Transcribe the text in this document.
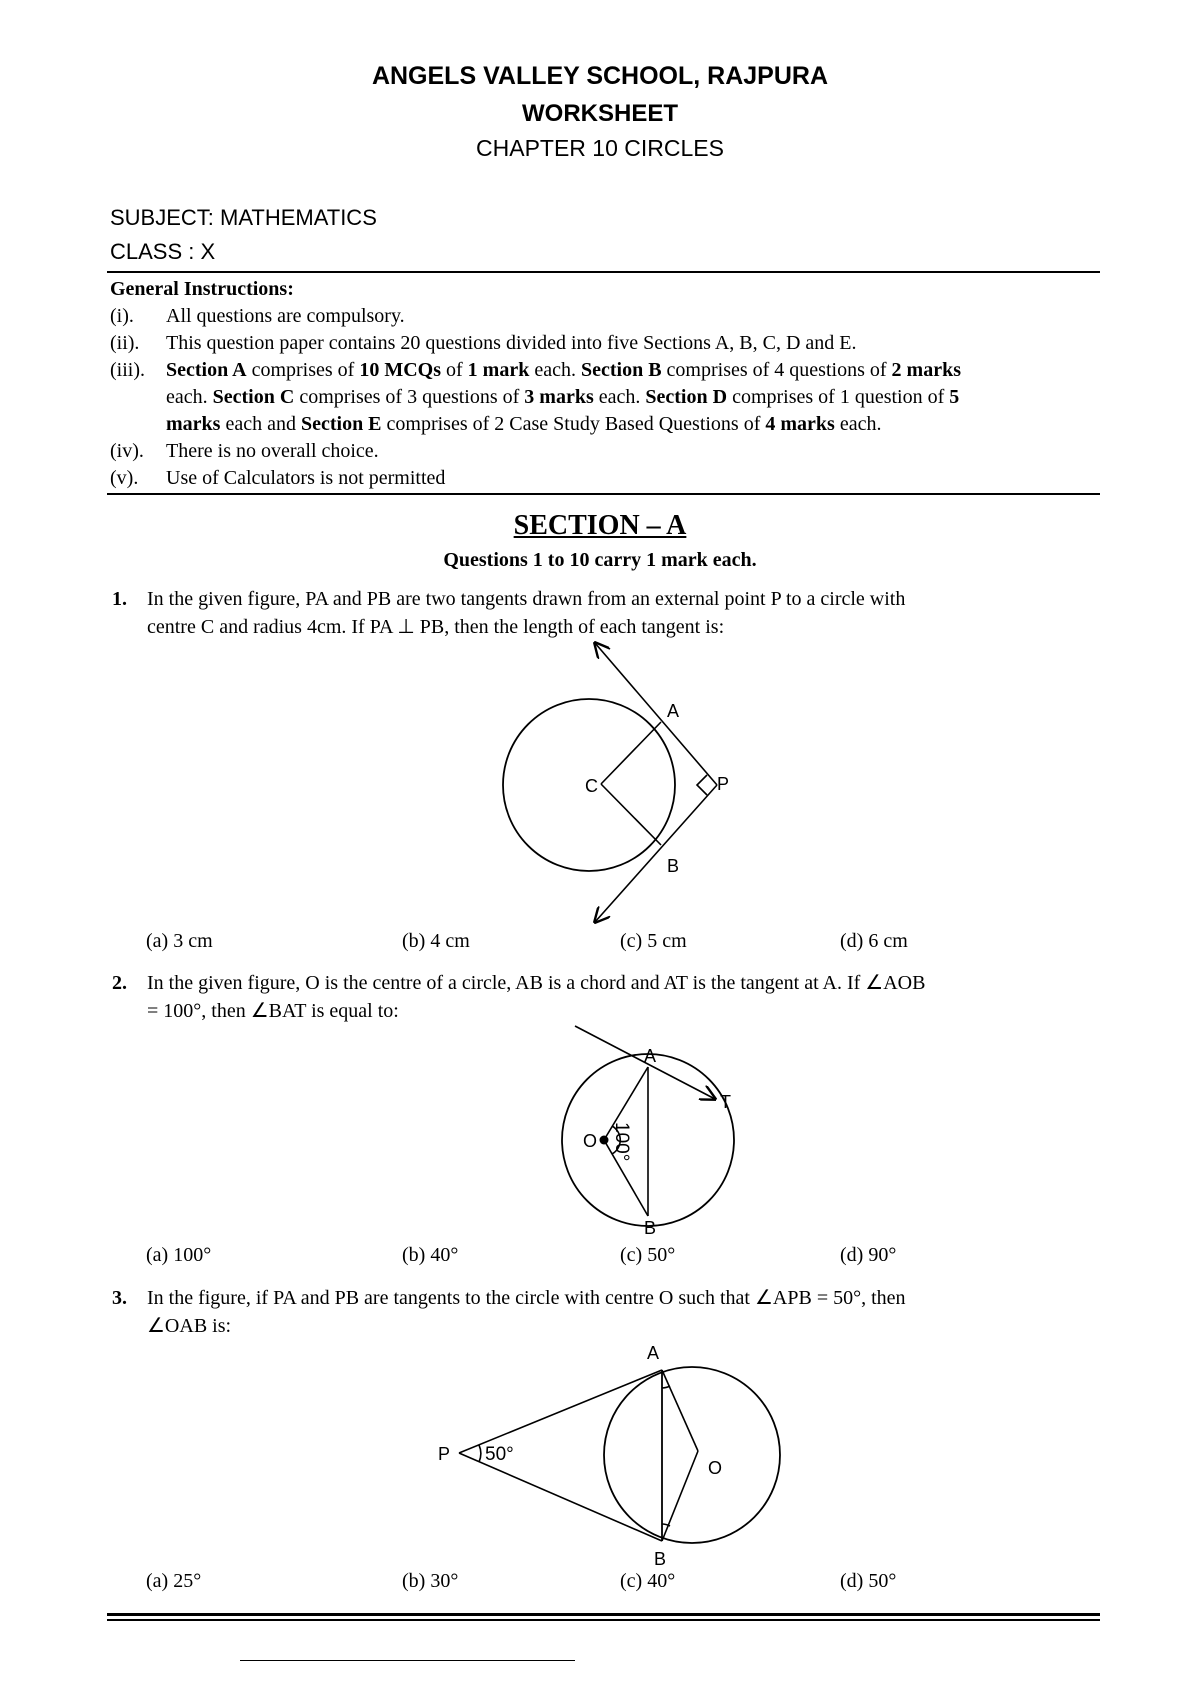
ANGELS VALLEY SCHOOL, RAJPURA
WORKSHEET
CHAPTER 10 CIRCLES
SUBJECT: MATHEMATICS
CLASS : X
General Instructions:
(i). All questions are compulsory.
(ii). This question paper contains 20 questions divided into five Sections A, B, C, D and E.
(iii). Section A comprises of 10 MCQs of 1 mark each. Section B comprises of 4 questions of 2 marks
each. Section C comprises of 3 questions of 3 marks each. Section D comprises of 1 question of 5
marks each and Section E comprises of 2 Case Study Based Questions of 4 marks each.
(iv). There is no overall choice.
(v). Use of Calculators is not permitted
SECTION – A
Questions 1 to 10 carry 1 mark each.
1. In the given figure, PA and PB are two tangents drawn from an external point P to a circle with
centre C and radius 4cm. If PA ⊥ PB, then the length of each tangent is:
A
C	P
B
(a) 3 cm	(b) 4 cm	(c) 5 cm	(d) 6 cm
2. In the given figure, O is the centre of a circle, AB is a chord and AT is the tangent at A. If ∠AOB
= 100°, then ∠BAT is equal to:
100°
A
T
O
B
(a) 100°	(b) 40°	(c) 50°	(d) 90°
3. In the figure, if PA and PB are tangents to the circle with centre O such that ∠APB = 50°, then
∠OAB is:
50°
A
P
O
B
(a) 25°	(b) 30°	(c) 40°	(d) 50°
